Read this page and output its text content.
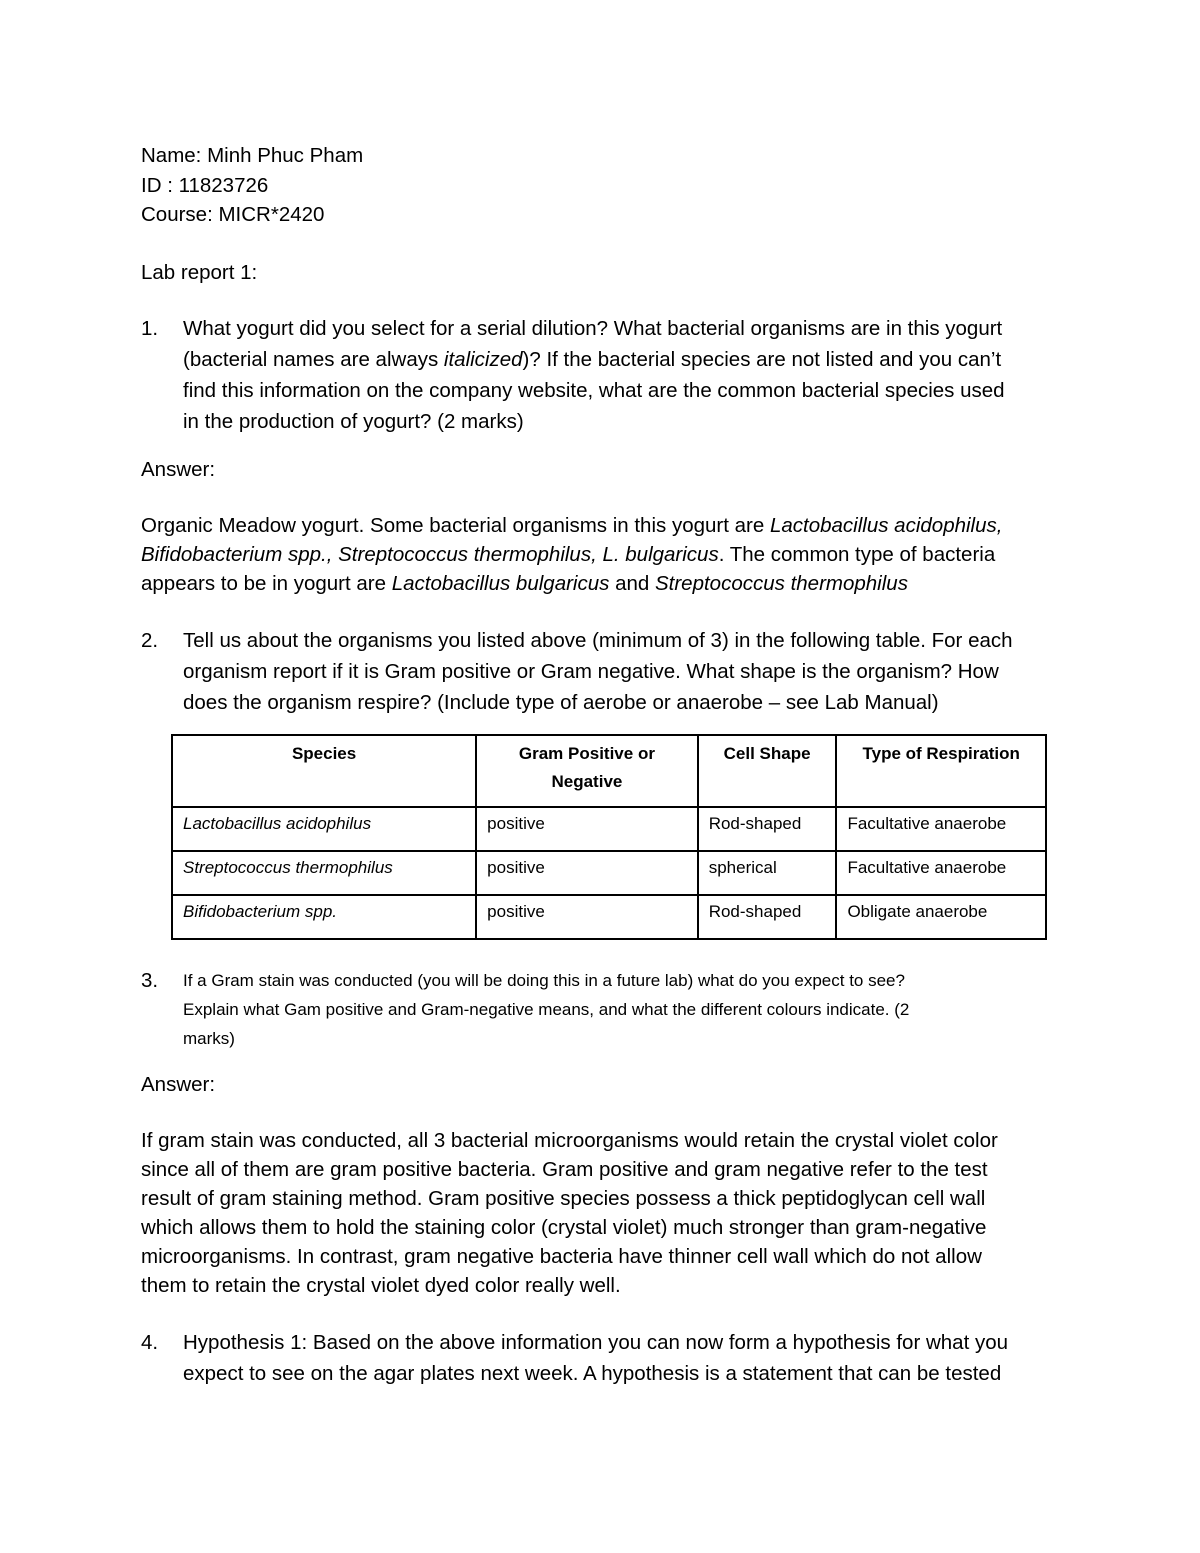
Name: Minh Phuc Pham
ID : 11823726
Course: MICR*2420
Lab report 1:
1. What yogurt did you select for a serial dilution? What bacterial organisms are in this yogurt
(bacterial names are always italicized)? If the bacterial species are not listed and you can’t
find this information on the company website, what are the common bacterial species used
in the production of yogurt? (2 marks)
Answer:
Organic Meadow yogurt. Some bacterial organisms in this yogurt are Lactobacillus acidophilus,
Bifidobacterium spp., Streptococcus thermophilus, L. bulgaricus. The common type of bacteria
appears to be in yogurt are Lactobacillus bulgaricus and Streptococcus thermophilus
2. Tell us about the organisms you listed above (minimum of 3) in the following table. For each
organism report if it is Gram positive or Gram negative. What shape is the organism? How
does the organism respire? (Include type of aerobe or anaerobe – see Lab Manual)
Species	Gram Positive or Negative	Cell Shape	Type of Respiration
Lactobacillus acidophilus	positive	Rod-shaped	Facultative anaerobe
Streptococcus thermophilus	positive	spherical	Facultative anaerobe
Bifidobacterium spp.	positive	Rod-shaped	Obligate anaerobe
3. If a Gram stain was conducted (you will be doing this in a future lab) what do you expect to see?
Explain what Gam positive and Gram-negative means, and what the different colours indicate. (2
marks)
Answer:
If gram stain was conducted, all 3 bacterial microorganisms would retain the crystal violet color
since all of them are gram positive bacteria. Gram positive and gram negative refer to the test
result of gram staining method. Gram positive species possess a thick peptidoglycan cell wall
which allows them to hold the staining color (crystal violet) much stronger than gram-negative
microorganisms. In contrast, gram negative bacteria have thinner cell wall which do not allow
them to retain the crystal violet dyed color really well.
4. Hypothesis 1: Based on the above information you can now form a hypothesis for what you
expect to see on the agar plates next week. A hypothesis is a statement that can be tested
